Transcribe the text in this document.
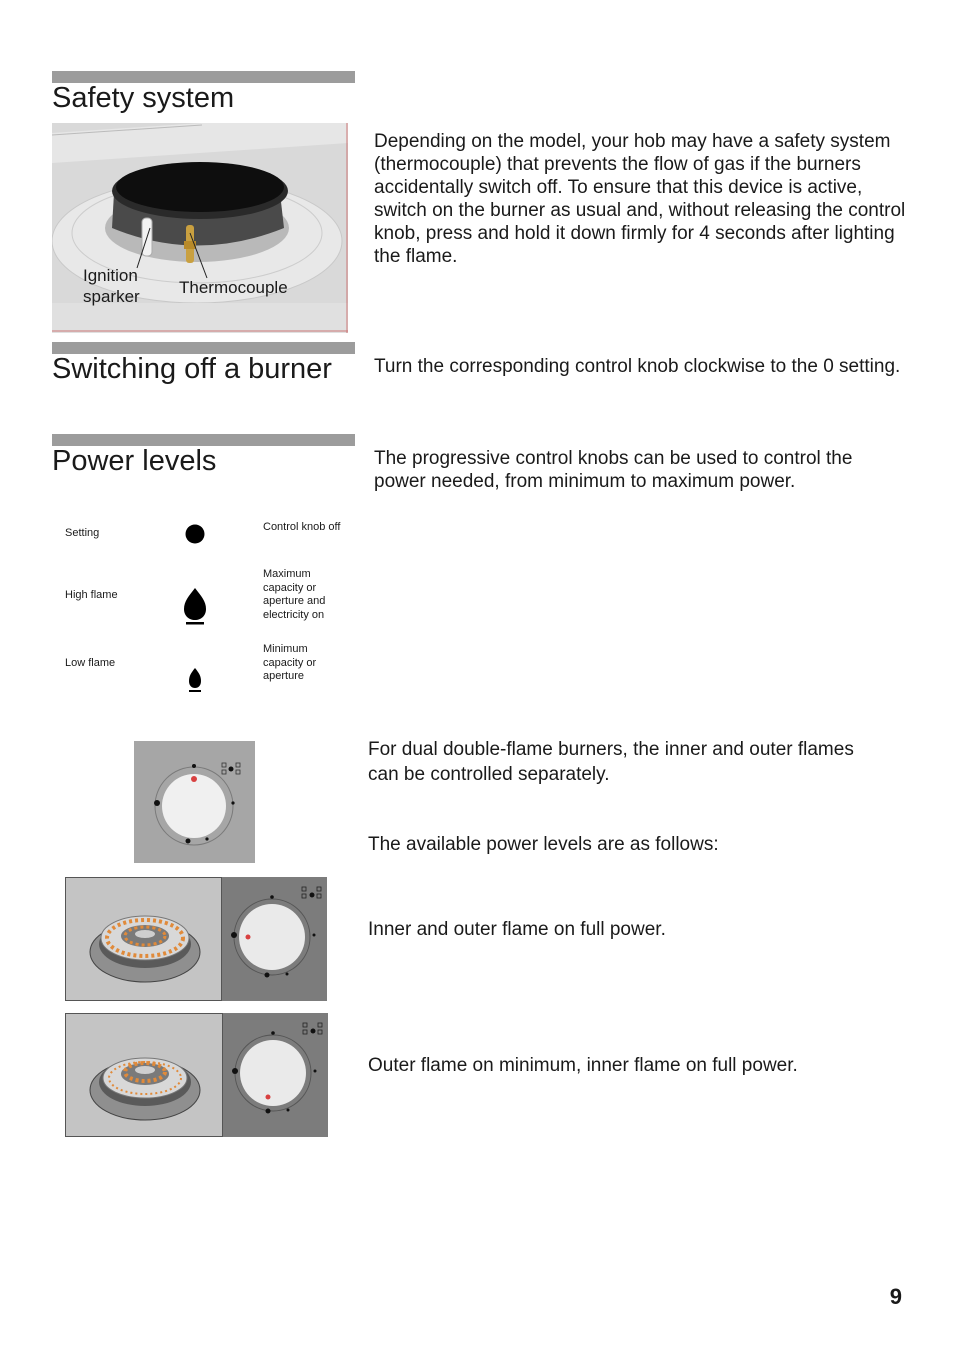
Safety system
Ignition
sparker Thermocouple

Depending on the model, your hob may have a safety system (thermocouple) that prevents the flow of gas if the burners accidentally switch off. To ensure that this device is active, switch on the burner as usual and, without releasing the control knob, press and hold it down firmly for 4 seconds after lighting the flame.

Switching off a burner Turn the corresponding control knob clockwise to the 0 setting.

Power levels	The progressive control knobs can be used to control the power needed, from minimum to maximum power.

Setting	Control knob off
High flame
Maximum capacity or aperture and electricity on
Low flame
Minimum capacity or aperture

For dual double-flame burners, the inner and outer flames can be controlled separately.

The available power levels are as follows:

Inner and outer flame on full power.

Outer flame on minimum, inner flame on full power.

9
